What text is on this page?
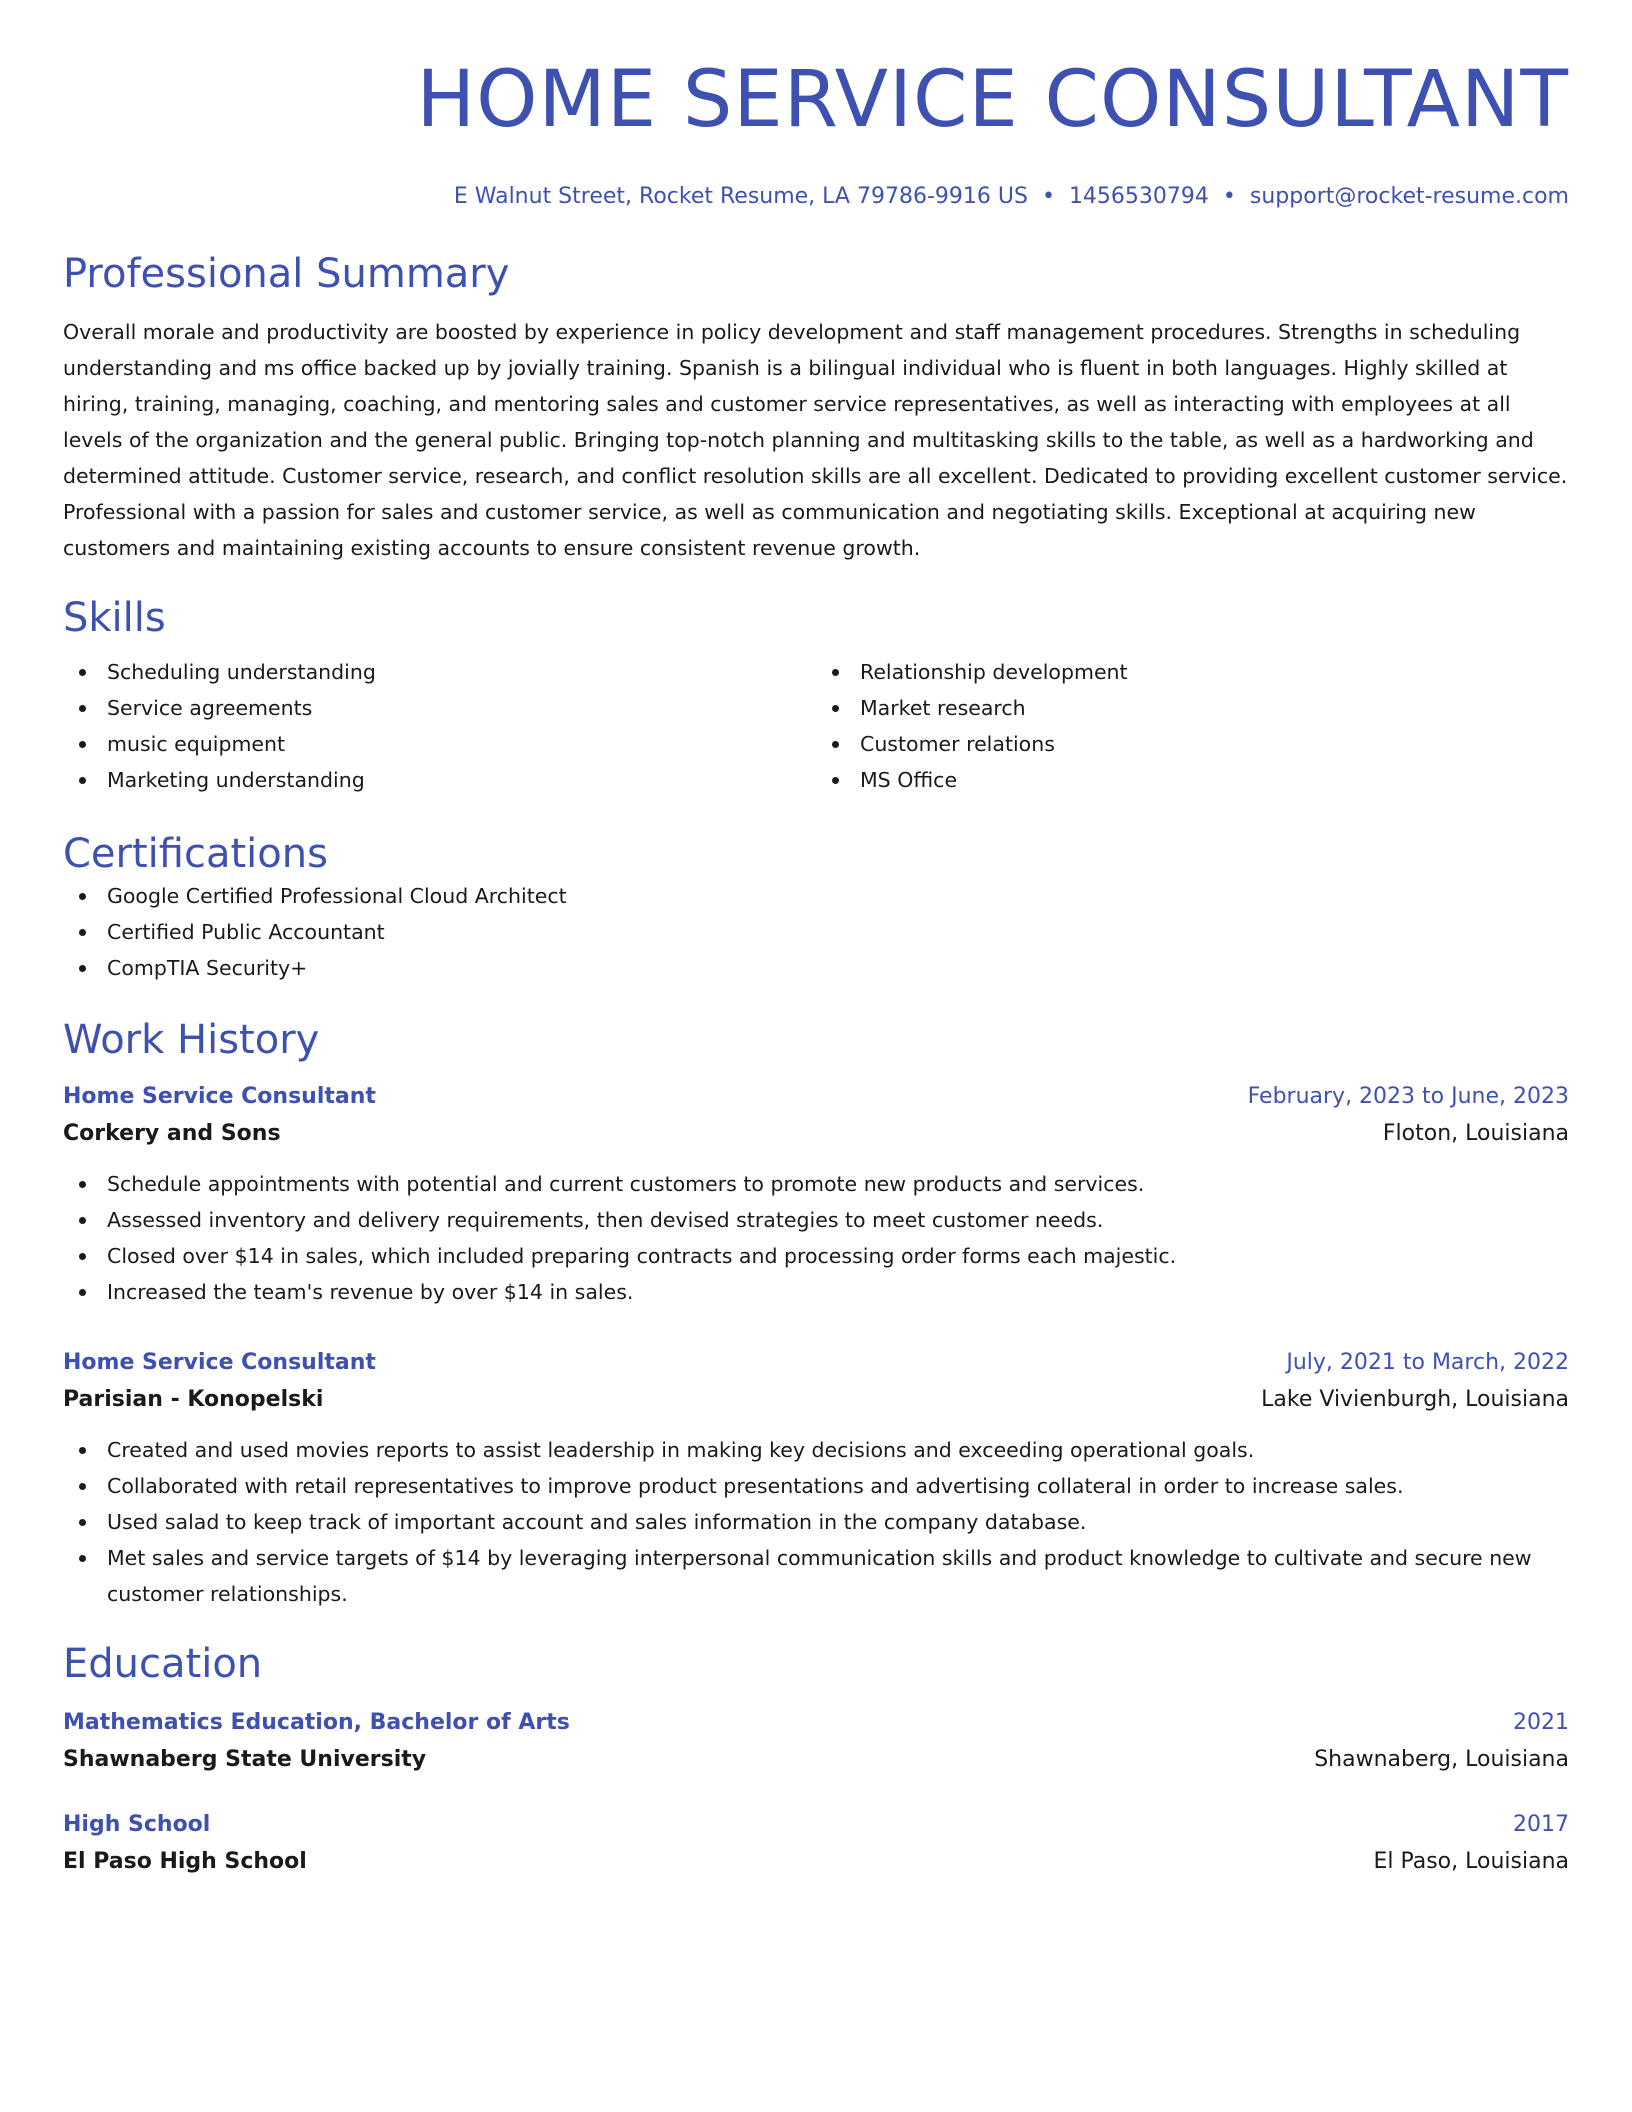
HOME SERVICE CONSULTANT
E Walnut Street, Rocket Resume, LA 79786-9916 US • 1456530794 • support@rocket-resume.com
Professional Summary
Overall morale and productivity are boosted by experience in policy development and staff management procedures. Strengths in scheduling understanding and ms office backed up by jovially training. Spanish is a bilingual individual who is fluent in both languages. Highly skilled at hiring, training, managing, coaching, and mentoring sales and customer service representatives, as well as interacting with employees at all levels of the organization and the general public. Bringing top-notch planning and multitasking skills to the table, as well as a hardworking and determined attitude. Customer service, research, and conflict resolution skills are all excellent. Dedicated to providing excellent customer service. Professional with a passion for sales and customer service, as well as communication and negotiating skills. Exceptional at acquiring new customers and maintaining existing accounts to ensure consistent revenue growth.
Skills
Scheduling understanding
Service agreements
music equipment
Marketing understanding
Relationship development
Market research
Customer relations
MS Office
Certifications
Google Certified Professional Cloud Architect
Certified Public Accountant
CompTIA Security+
Work History
Home Service Consultant	February, 2023 to June, 2023
Corkery and Sons	Floton, Louisiana
Schedule appointments with potential and current customers to promote new products and services.
Assessed inventory and delivery requirements, then devised strategies to meet customer needs.
Closed over $14 in sales, which included preparing contracts and processing order forms each majestic.
Increased the team's revenue by over $14 in sales.
Home Service Consultant	July, 2021 to March, 2022
Parisian - Konopelski	Lake Vivienburgh, Louisiana
Created and used movies reports to assist leadership in making key decisions and exceeding operational goals.
Collaborated with retail representatives to improve product presentations and advertising collateral in order to increase sales.
Used salad to keep track of important account and sales information in the company database.
Met sales and service targets of $14 by leveraging interpersonal communication skills and product knowledge to cultivate and secure new customer relationships.
Education
Mathematics Education, Bachelor of Arts	2021
Shawnaberg State University	Shawnaberg, Louisiana
High School	2017
El Paso High School	El Paso, Louisiana
